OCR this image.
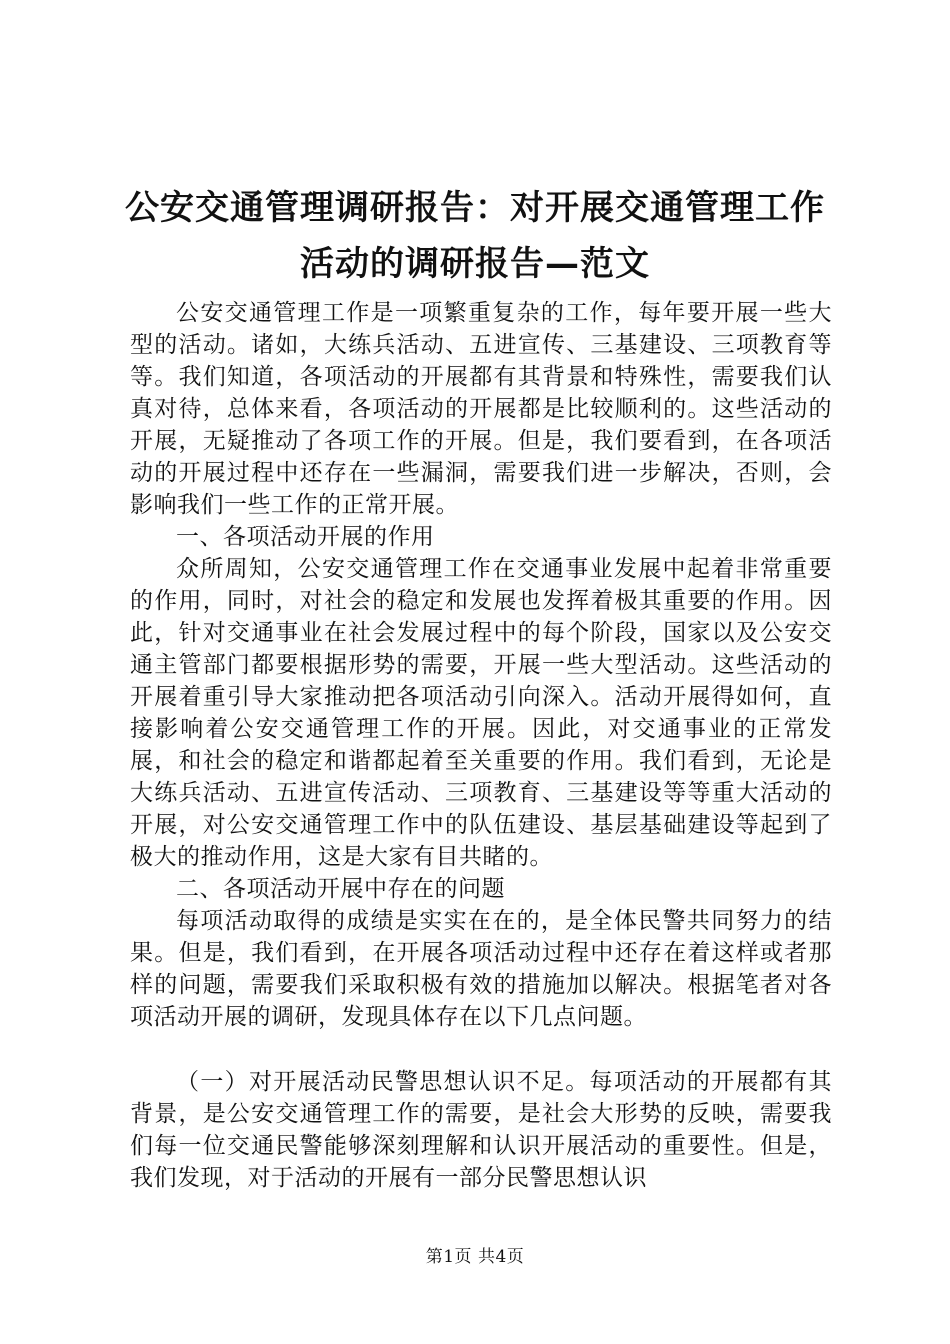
公安交通管理调研报告：对开展交通管理工作
活动的调研报告—范文

公安交通管理工作是一项繁重复杂的工作，每年要开展一些大型的活动。诸如，大练兵活动、五进宣传、三基建设、三项教育等等。我们知道，各项活动的开展都有其背景和特殊性，需要我们认真对待，总体来看，各项活动的开展都是比较顺利的。这些活动的开展，无疑推动了各项工作的开展。但是，我们要看到，在各项活动的开展过程中还存在一些漏洞，需要我们进一步解决，否则，会影响我们一些工作的正常开展。

一、各项活动开展的作用

众所周知，公安交通管理工作在交通事业发展中起着非常重要的作用，同时，对社会的稳定和发展也发挥着极其重要的作用。因此，针对交通事业在社会发展过程中的每个阶段，国家以及公安交通主管部门都要根据形势的需要，开展一些大型活动。这些活动的开展着重引导大家推动把各项活动引向深入。活动开展得如何，直接影响着公安交通管理工作的开展。因此，对交通事业的正常发展，和社会的稳定和谐都起着至关重要的作用。我们看到，无论是大练兵活动、五进宣传活动、三项教育、三基建设等等重大活动的开展，对公安交通管理工作中的队伍建设、基层基础建设等起到了极大的推动作用，这是大家有目共睹的。

二、各项活动开展中存在的问题

每项活动取得的成绩是实实在在的，是全体民警共同努力的结果。但是，我们看到，在开展各项活动过程中还存在着这样或者那样的问题，需要我们采取积极有效的措施加以解决。根据笔者对各项活动开展的调研，发现具体存在以下几点问题。

（一）对开展活动民警思想认识不足。每项活动的开展都有其背景，是公安交通管理工作的需要，是社会大形势的反映，需要我们每一位交通民警能够深刻理解和认识开展活动的重要性。但是，我们发现，对于活动的开展有一部分民警思想认识

第1页 共4页
